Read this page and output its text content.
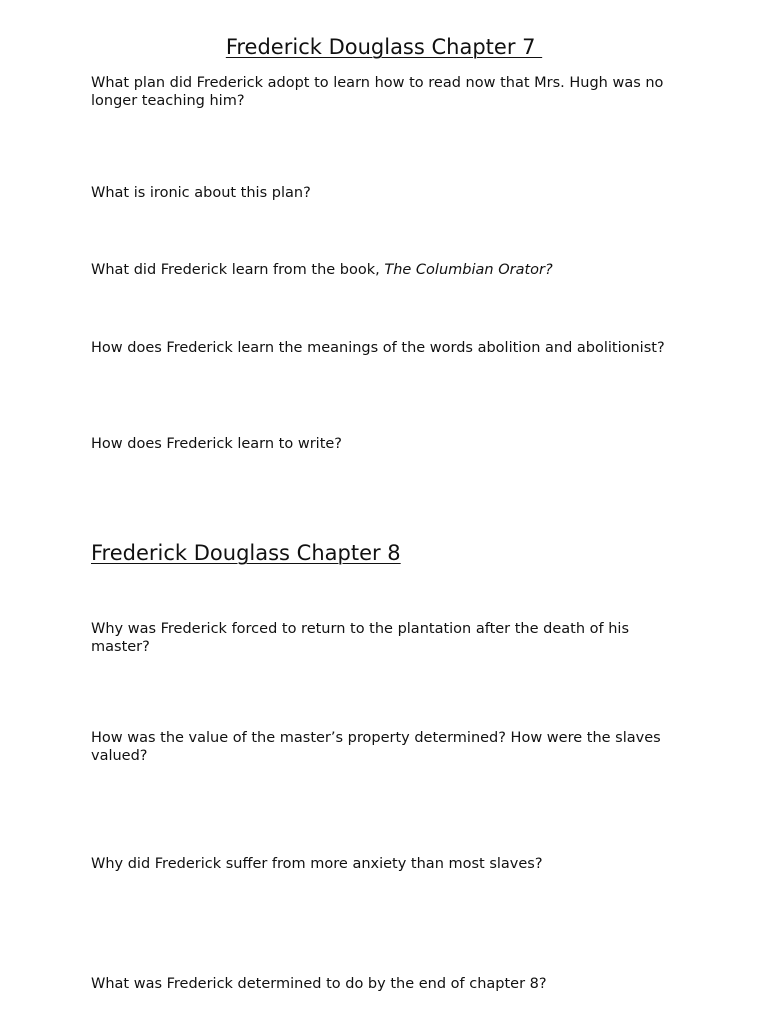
Frederick Douglass Chapter 7

What plan did Frederick adopt to learn how to read now that Mrs. Hugh was no longer teaching him?

What is ironic about this plan?

What did Frederick learn from the book, The Columbian Orator?

How does Frederick learn the meanings of the words abolition and abolitionist?

How does Frederick learn to write?

Frederick Douglass Chapter 8

Why was Frederick forced to return to the plantation after the death of his master?

How was the value of the master’s property determined? How were the slaves valued?

Why did Frederick suffer from more anxiety than most slaves?

What was Frederick determined to do by the end of chapter 8?
